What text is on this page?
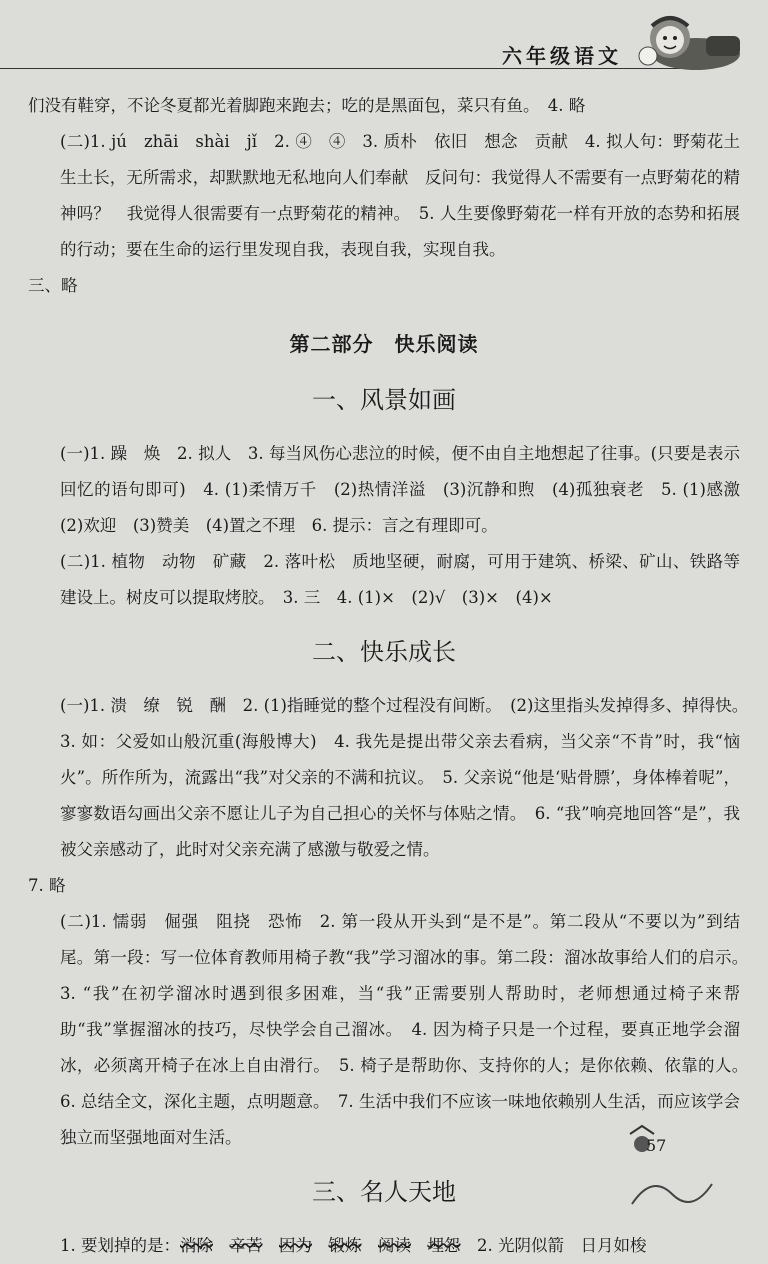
六年级语文

们没有鞋穿，不论冬夏都光着脚跑来跑去；吃的是黑面包，菜只有鱼。　4. 略

(二)1. jú　zhāi　shài　jǐ　2. ④　④　3. 质朴　依旧　想念　贡献　4. 拟人句：野菊花土生土长，无所需求，却默默地无私地向人们奉献　反问句：我觉得人不需要有一点野菊花的精神吗？　我觉得人很需要有一点野菊花的精神。　5. 人生要像野菊花一样有开放的态势和拓展的行动；要在生命的运行里发现自我，表现自我，实现自我。

三、略

第二部分　快乐阅读
一、风景如画

(一)1. 躁　焕　2. 拟人　3. 每当风伤心悲泣的时候，便不由自主地想起了往事。(只要是表示回忆的语句即可)　4. (1)柔情万千　(2)热情洋溢　(3)沉静和煦　(4)孤独衰老　5. (1)感激　(2)欢迎　(3)赞美　(4)置之不理　6. 提示：言之有理即可。

(二)1. 植物　动物　矿藏　2. 落叶松　质地坚硬，耐腐，可用于建筑、桥梁、矿山、铁路等建设上。树皮可以提取烤胶。　3. 三　4. (1)×　(2)√　(3)×　(4)×

二、快乐成长

(一)1. 溃　缭　锐　酬　2. (1)指睡觉的整个过程没有间断。　(2)这里指头发掉得多、掉得快。　3. 如：父爱如山般沉重(海般博大)　4. 我先是提出带父亲去看病，当父亲“不肯”时，我“恼火”。所作所为，流露出“我”对父亲的不满和抗议。　5. 父亲说“他是‘贴骨膘’，身体棒着呢”，寥寥数语勾画出父亲不愿让儿子为自己担心的关怀与体贴之情。　6. “我”响亮地回答“是”，我被父亲感动了，此时对父亲充满了感激与敬爱之情。

7. 略

(二)1. 懦弱　倔强　阻挠　恐怖　2. 第一段从开头到“是不是”。第二段从“不要以为”到结尾。第一段：写一位体育教师用椅子教“我”学习溜冰的事。第二段：溜冰故事给人们的启示。　3. “我”在初学溜冰时遇到很多困难，当“我”正需要别人帮助时，老师想通过椅子来帮助“我”掌握溜冰的技巧，尽快学会自己溜冰。　4. 因为椅子只是一个过程，要真正地学会溜冰，必须离开椅子在冰上自由滑行。　5. 椅子是帮助你、支持你的人；是你依赖、依靠的人。　6. 总结全文，深化主题，点明题意。　7. 生活中我们不应该一味地依赖别人生活，而应该学会独立而坚强地面对生活。

三、名人天地

1. 要划掉的是：消除　 辛苦　 因为　 锻炼　 阅读　 埋怨　 2. 光阴似箭　日月如梭

57
